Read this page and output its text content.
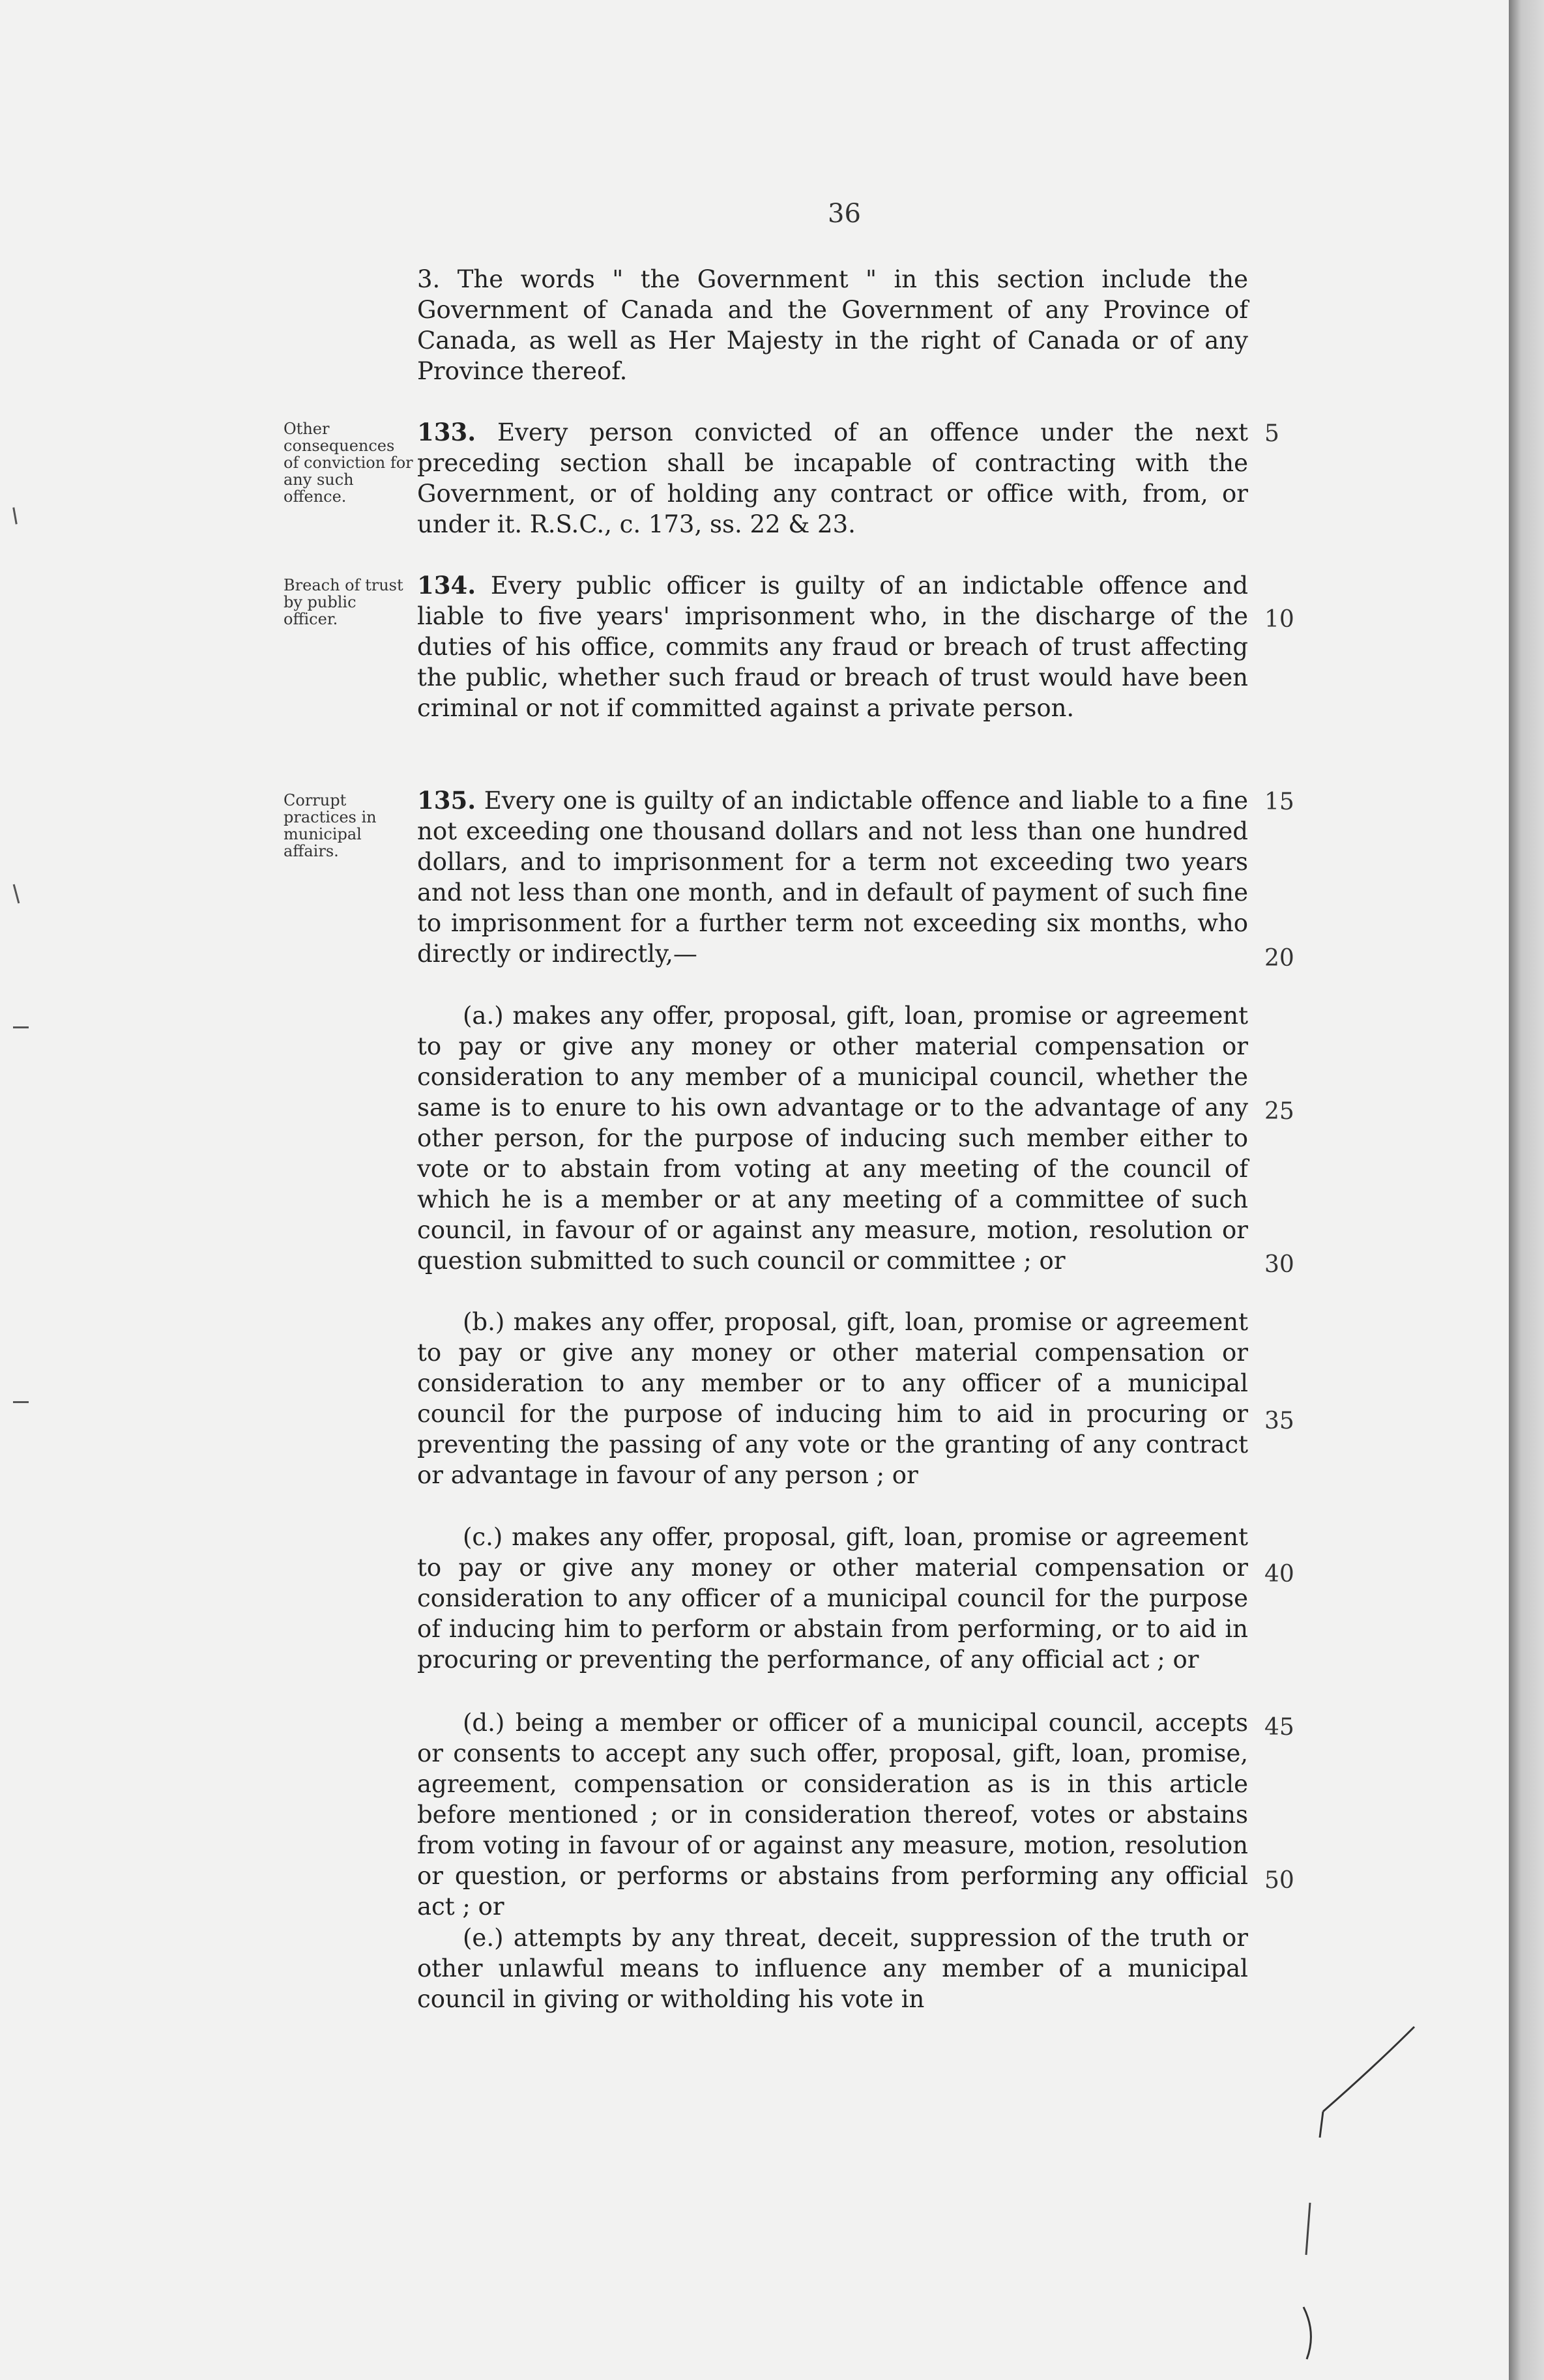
36
3. The words " the Government " in this section include the Government of Canada and the Government of any Province of Canada, as well as Her Majesty in the right of Canada or of any Province thereof.
Other consequences of conviction for any such offence.
133. Every person convicted of an offence under the next preceding section shall be incapable of contracting with the Government, or of holding any contract or office with, from, or under it. R.S.C., c. 173, ss. 22 & 23.
Breach of trust by public officer.
134. Every public officer is guilty of an indictable offence and liable to five years' imprisonment who, in the discharge of the duties of his office, commits any fraud or breach of trust affecting the public, whether such fraud or breach of trust would have been criminal or not if committed against a private person.
Corrupt practices in municipal affairs.
135. Every one is guilty of an indictable offence and liable to a fine not exceeding one thousand dollars and not less than one hundred dollars, and to imprisonment for a term not exceeding two years and not less than one month, and in default of payment of such fine to imprisonment for a further term not exceeding six months, who directly or indirectly,—
(a.) makes any offer, proposal, gift, loan, promise or agreement to pay or give any money or other material compensation or consideration to any member of a municipal council, whether the same is to enure to his own advantage or to the advantage of any other person, for the purpose of inducing such member either to vote or to abstain from voting at any meeting of the council of which he is a member or at any meeting of a committee of such council, in favour of or against any measure, motion, resolution or question submitted to such council or committee ; or
(b.) makes any offer, proposal, gift, loan, promise or agreement to pay or give any money or other material compensation or consideration to any member or to any officer of a municipal council for the purpose of inducing him to aid in procuring or preventing the passing of any vote or the granting of any contract or advantage in favour of any person ; or
(c.) makes any offer, proposal, gift, loan, promise or agreement to pay or give any money or other material compensation or consideration to any officer of a municipal council for the purpose of inducing him to perform or abstain from performing, or to aid in procuring or preventing the performance, of any official act ; or
(d.) being a member or officer of a municipal council, accepts or consents to accept any such offer, proposal, gift, loan, promise, agreement, compensation or consideration as is in this article before mentioned ; or in consideration thereof, votes or abstains from voting in favour of or against any measure, motion, resolution or question, or performs or abstains from performing any official act ; or
(e.) attempts by any threat, deceit, suppression of the truth or other unlawful means to influence any member of a municipal council in giving or witholding his vote in
5
10
15
20
25
30
35
40
45
50
